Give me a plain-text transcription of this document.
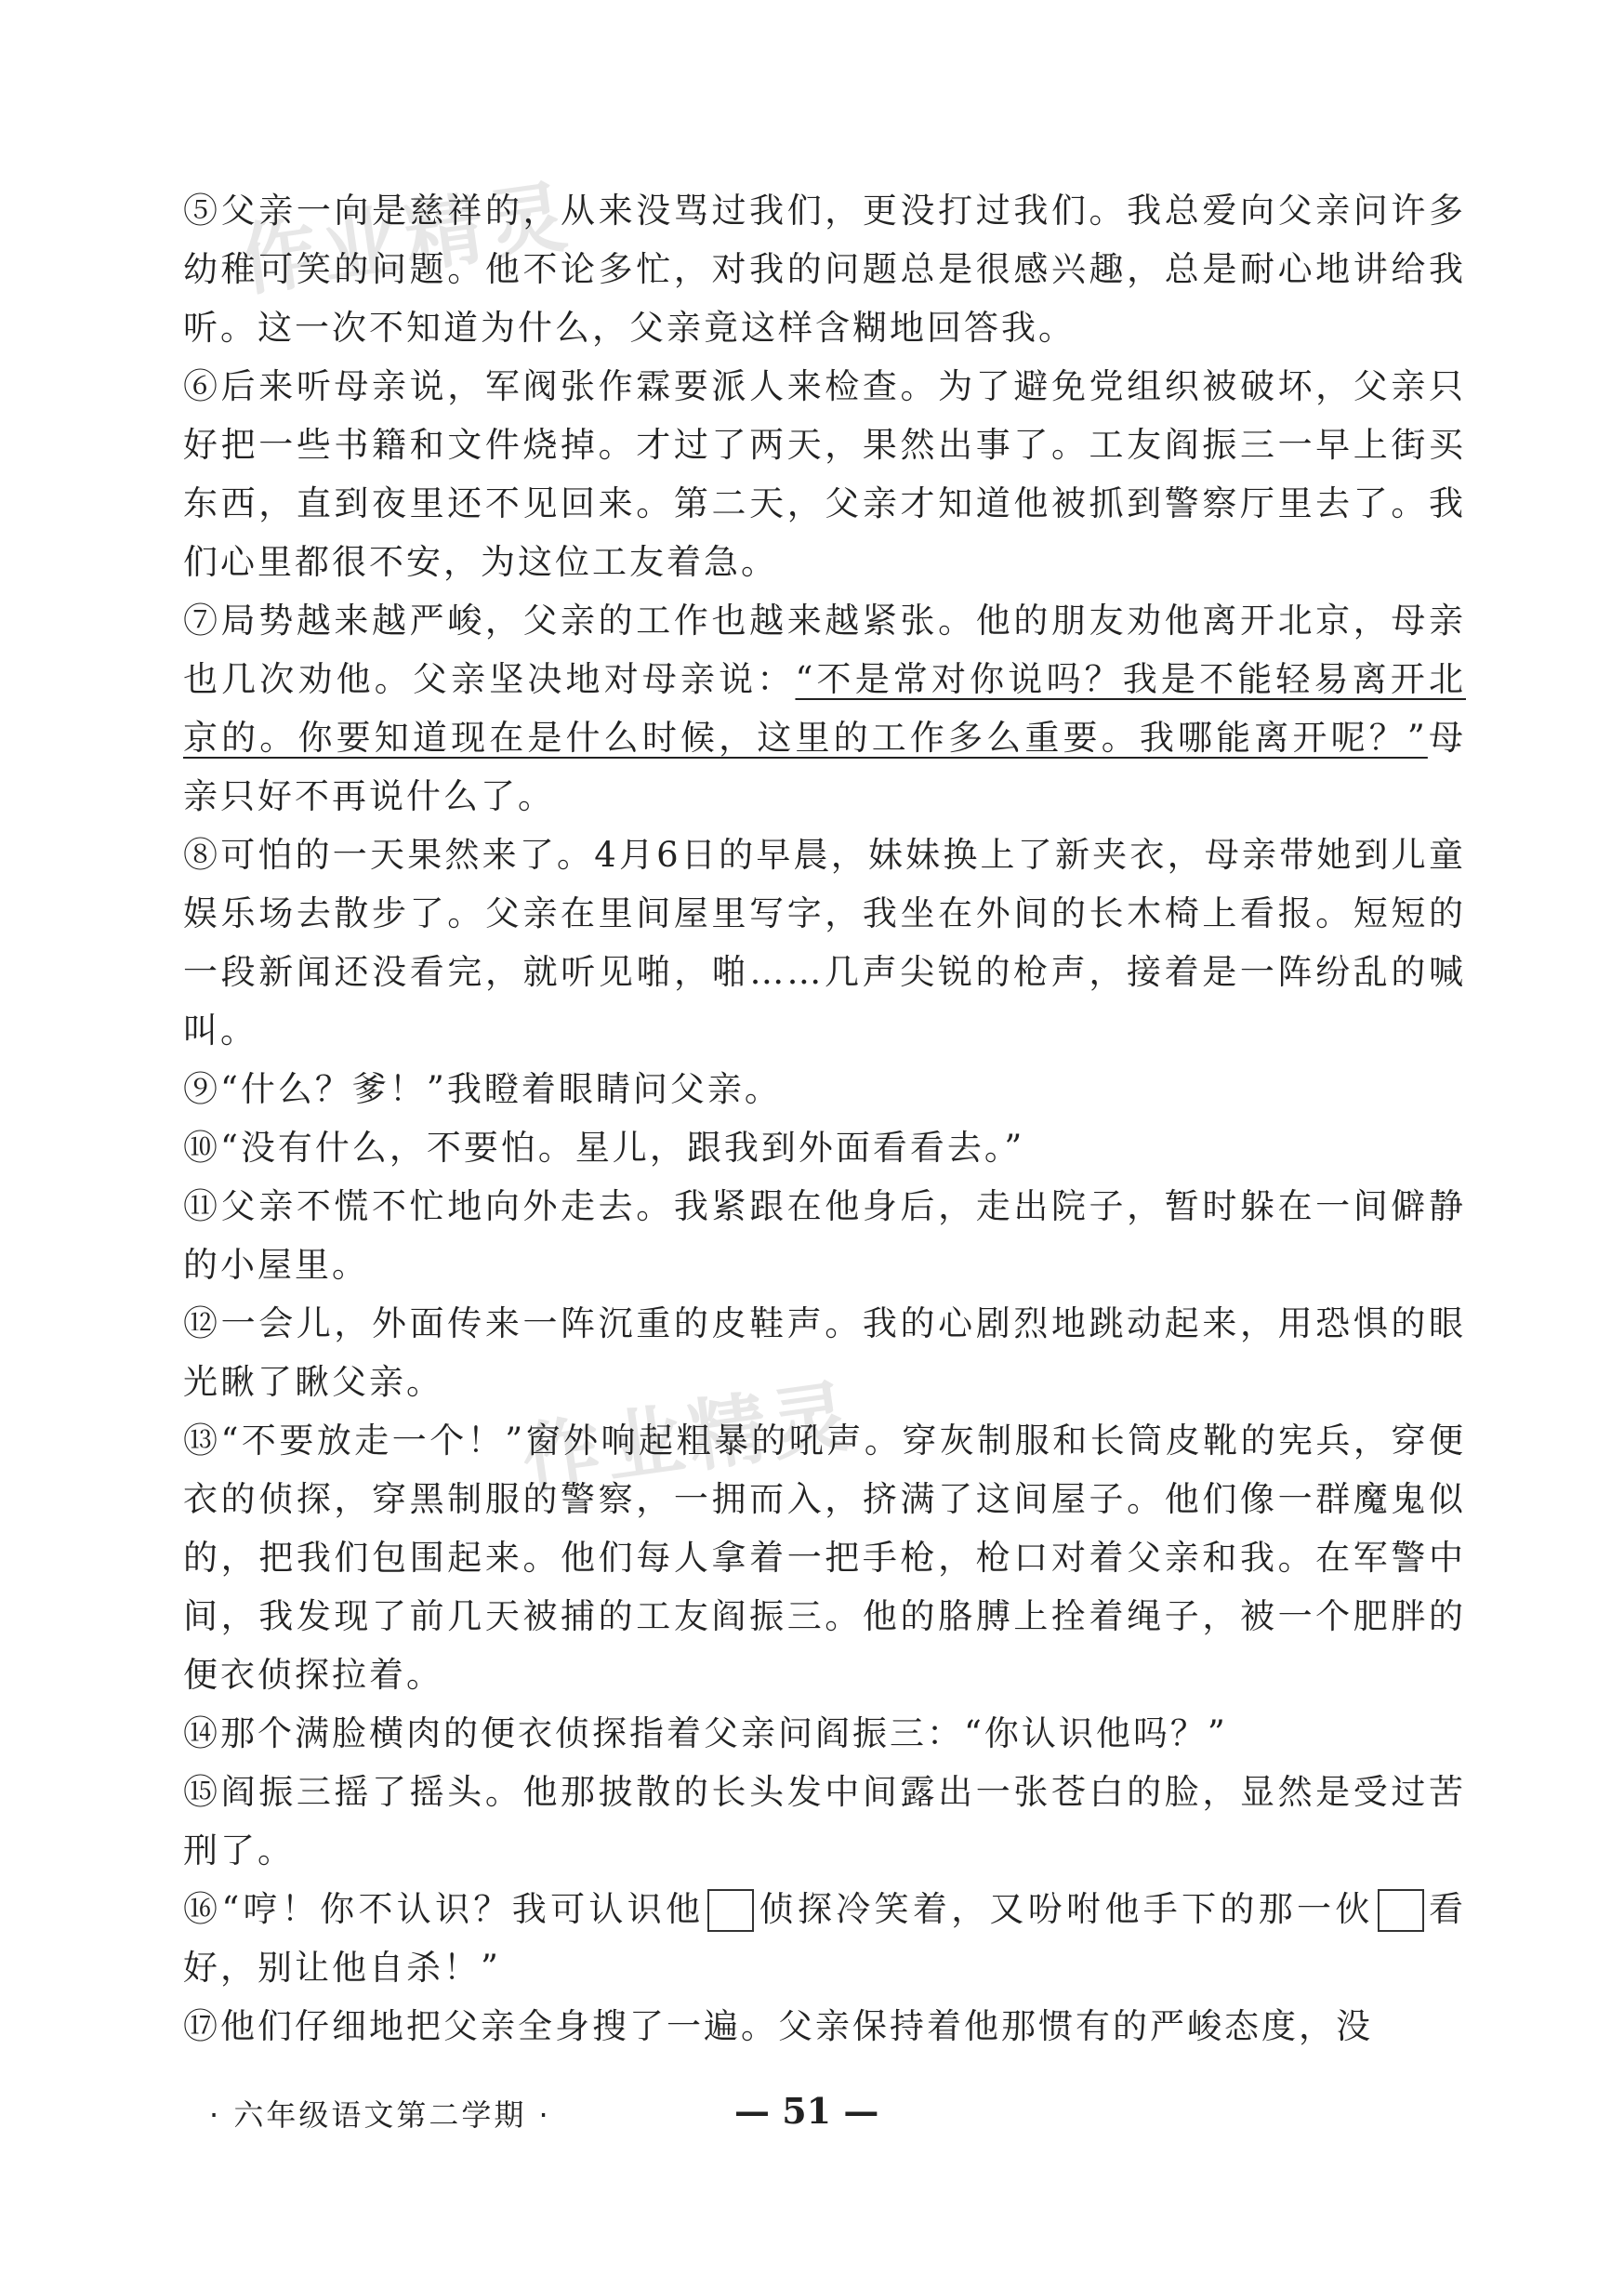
作业精灵
作业精灵

⑤父亲一向是慈祥的，从来没骂过我们，更没打过我们。我总爱向父亲问许多幼稚可笑的问题。他不论多忙，对我的问题总是很感兴趣，总是耐心地讲给我听。这一次不知道为什么，父亲竟这样含糊地回答我。

⑥后来听母亲说，军阀张作霖要派人来检查。为了避免党组织被破坏，父亲只好把一些书籍和文件烧掉。才过了两天，果然出事了。工友阎振三一早上街买东西，直到夜里还不见回来。第二天，父亲才知道他被抓到警察厅里去了。我们心里都很不安，为这位工友着急。

⑦局势越来越严峻，父亲的工作也越来越紧张。他的朋友劝他离开北京，母亲也几次劝他。父亲坚决地对母亲说：“不是常对你说吗？我是不能轻易离开北京的。你要知道现在是什么时候，这里的工作多么重要。我哪能离开呢？”母亲只好不再说什么了。

⑧可怕的一天果然来了。4月6日的早晨，妹妹换上了新夹衣，母亲带她到儿童娱乐场去散步了。父亲在里间屋里写字，我坐在外间的长木椅上看报。短短的一段新闻还没看完，就听见啪，啪……几声尖锐的枪声，接着是一阵纷乱的喊叫。

⑨“什么？爹！”我瞪着眼睛问父亲。

⑩“没有什么，不要怕。星儿，跟我到外面看看去。”

⑪父亲不慌不忙地向外走去。我紧跟在他身后，走出院子，暂时躲在一间僻静的小屋里。

⑫一会儿，外面传来一阵沉重的皮鞋声。我的心剧烈地跳动起来，用恐惧的眼光瞅了瞅父亲。

⑬“不要放走一个！”窗外响起粗暴的吼声。穿灰制服和长筒皮靴的宪兵，穿便衣的侦探，穿黑制服的警察，一拥而入，挤满了这间屋子。他们像一群魔鬼似的，把我们包围起来。他们每人拿着一把手枪，枪口对着父亲和我。在军警中间，我发现了前几天被捕的工友阎振三。他的胳膊上拴着绳子，被一个肥胖的便衣侦探拉着。

⑭那个满脸横肉的便衣侦探指着父亲问阎振三：“你认识他吗？”

⑮阎振三摇了摇头。他那披散的长头发中间露出一张苍白的脸，显然是受过苦刑了。

⑯“哼！你不认识？我可认识他 侦探冷笑着，又吩咐他手下的那一伙 看好，别让他自杀！”

⑰他们仔细地把父亲全身搜了一遍。父亲保持着他那惯有的严峻态度，没

· 六年级语文第二学期 ·	— 51 —
